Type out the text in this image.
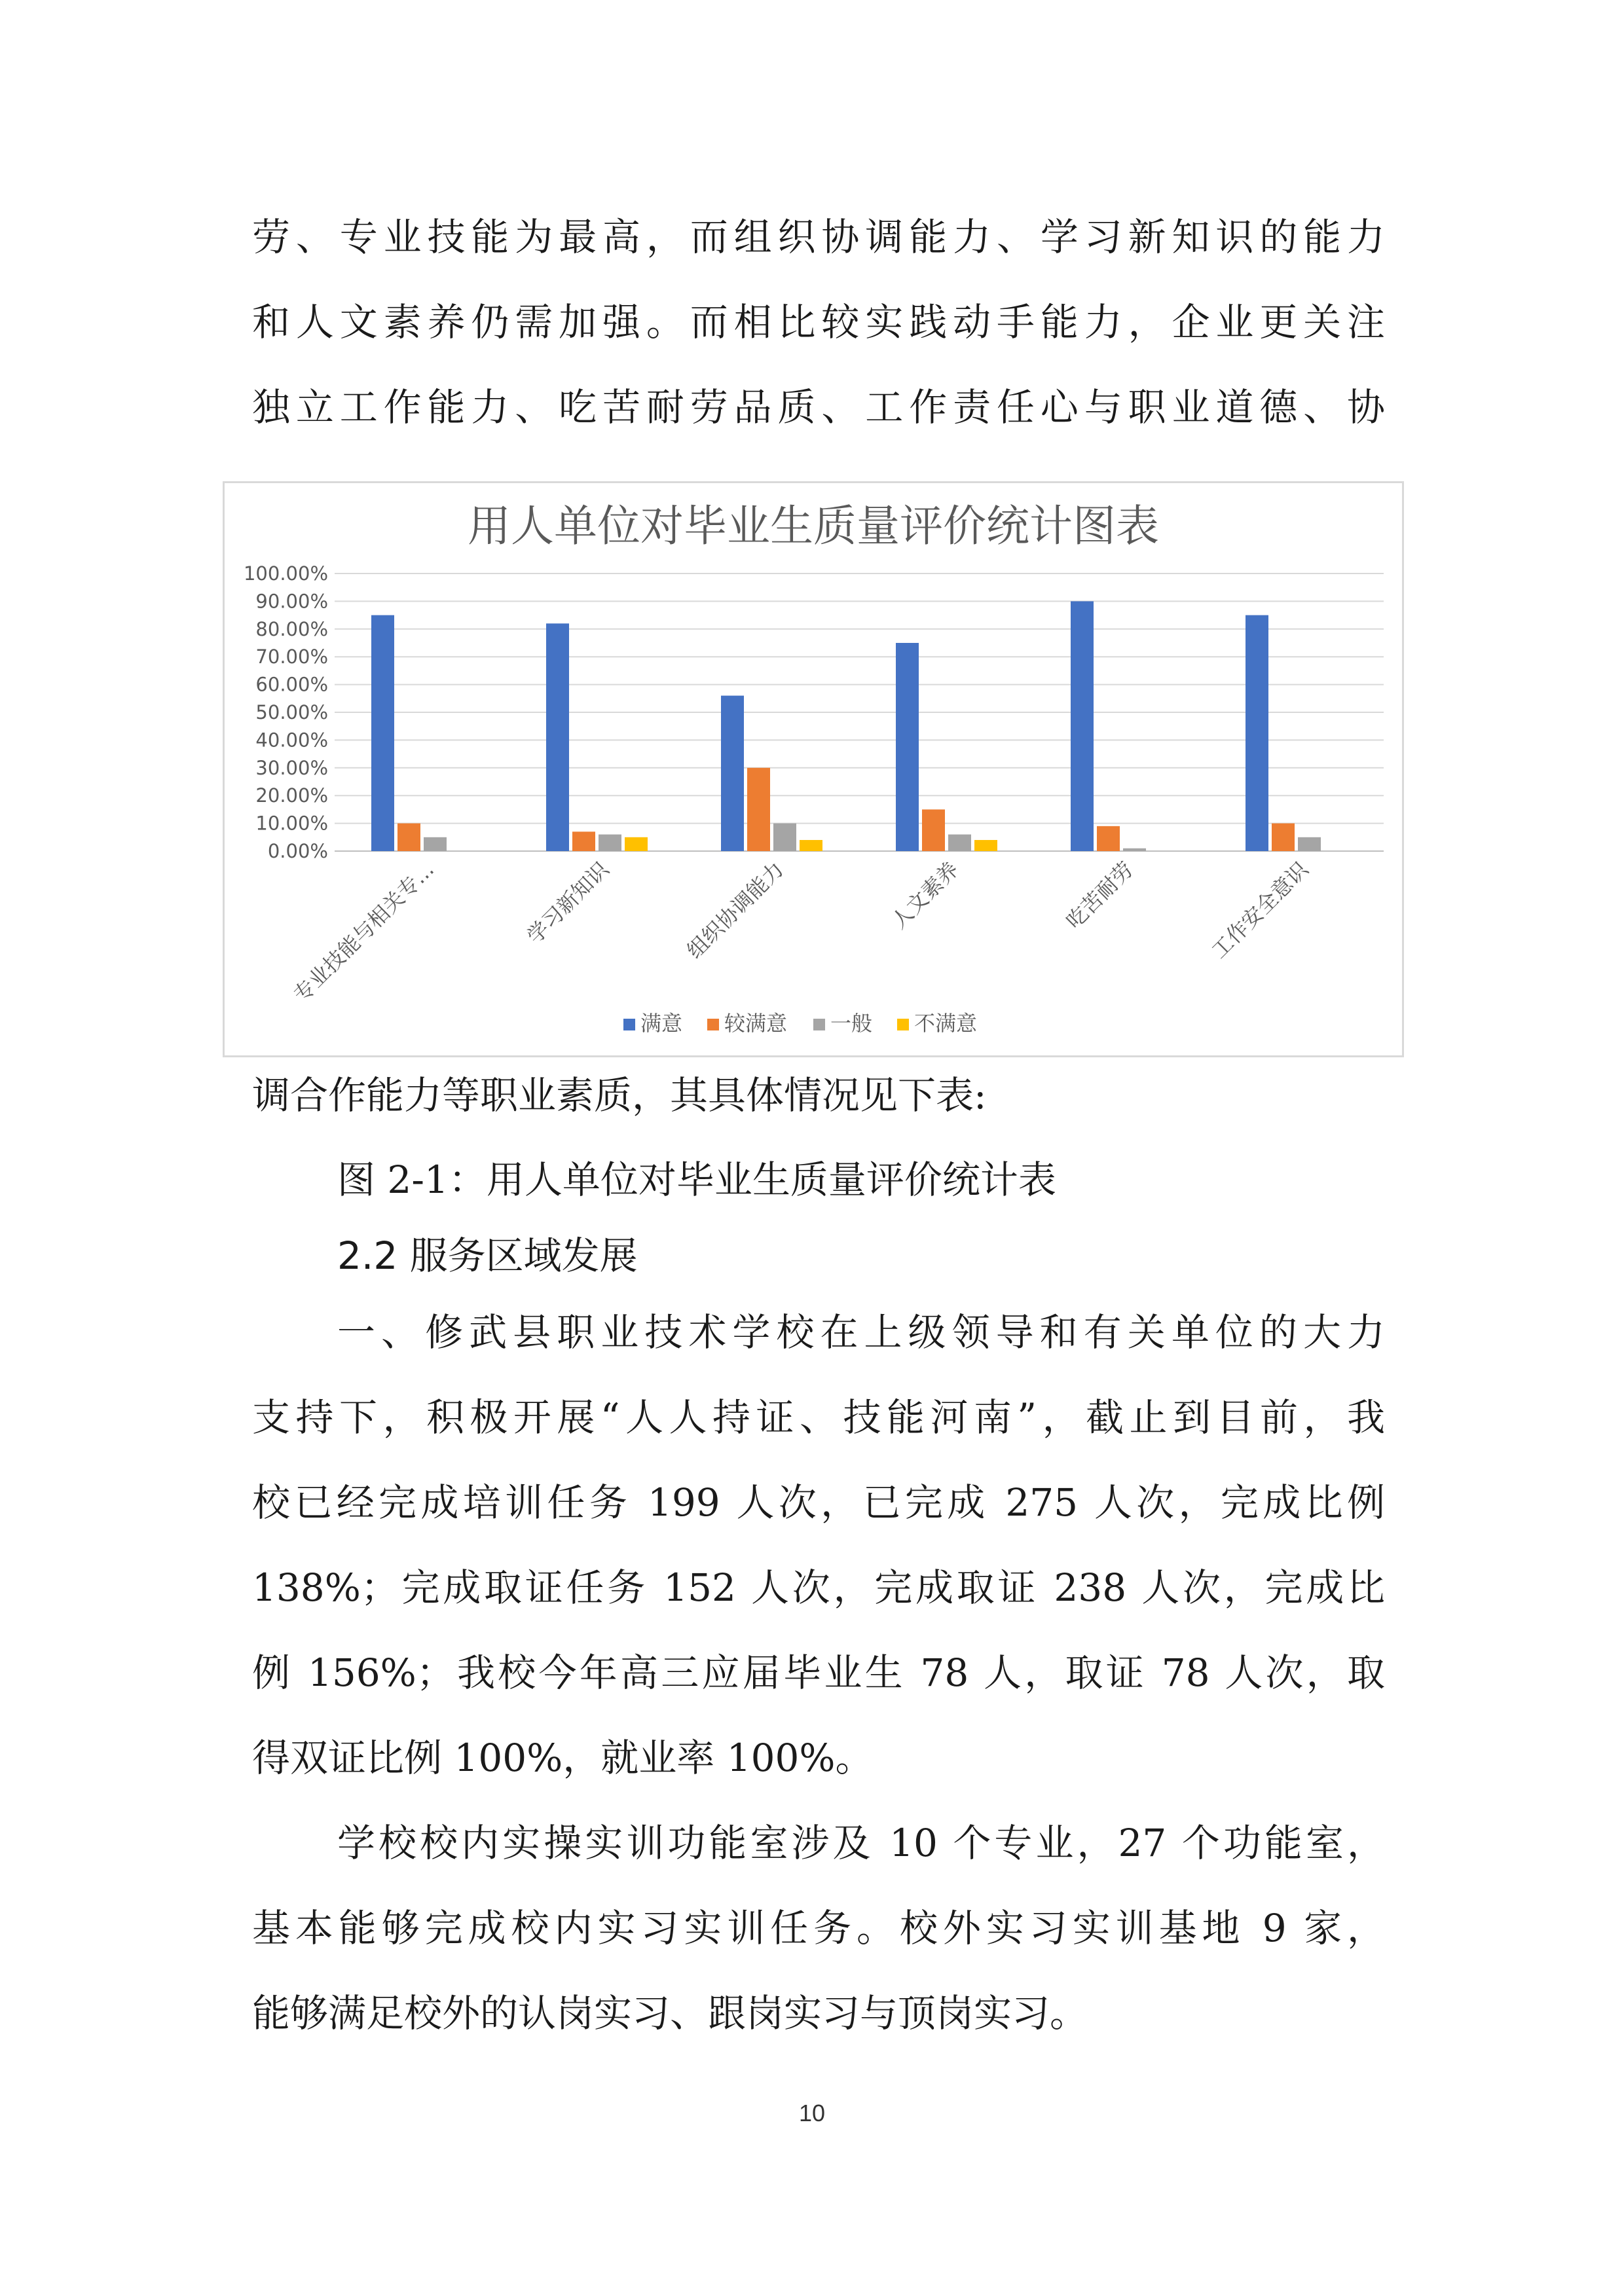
劳、专业技能为最高，而组织协调能力、学习新知识的能力
和人文素养仍需加强。而相比较实践动手能力，企业更关注
独立工作能力、吃苦耐劳品质、工作责任心与职业道德、协
用人单位对毕业生质量评价统计图表
0.00%
10.00%
20.00%
30.00%
40.00%
50.00%
60.00%
70.00%
80.00%
90.00%
100.00%
专业技能与相关专...	学习新知识	组织协调能力	人文素养	吃苦耐劳	工作安全意识
满意 较满意 一般 不满意
调合作能力等职业素质，其具体情况见下表:
图 2-1：用人单位对毕业生质量评价统计表
2.2 服务区域发展
一、修武县职业技术学校在上级领导和有关单位的大力
支持下，积极开展“人人持证、技能河南”，截止到目前，我
校已经完成培训任务 199 人次，已完成 275 人次，完成比例
138%；完成取证任务 152 人次，完成取证 238 人次，完成比
例 156%；我校今年高三应届毕业生 78 人，取证 78 人次，取
得双证比例 100%，就业率 100%。
学校校内实操实训功能室涉及 10 个专业，27 个功能室，
基本能够完成校内实习实训任务。校外实习实训基地 9 家，
能够满足校外的认岗实习、跟岗实习与顶岗实习。
10
